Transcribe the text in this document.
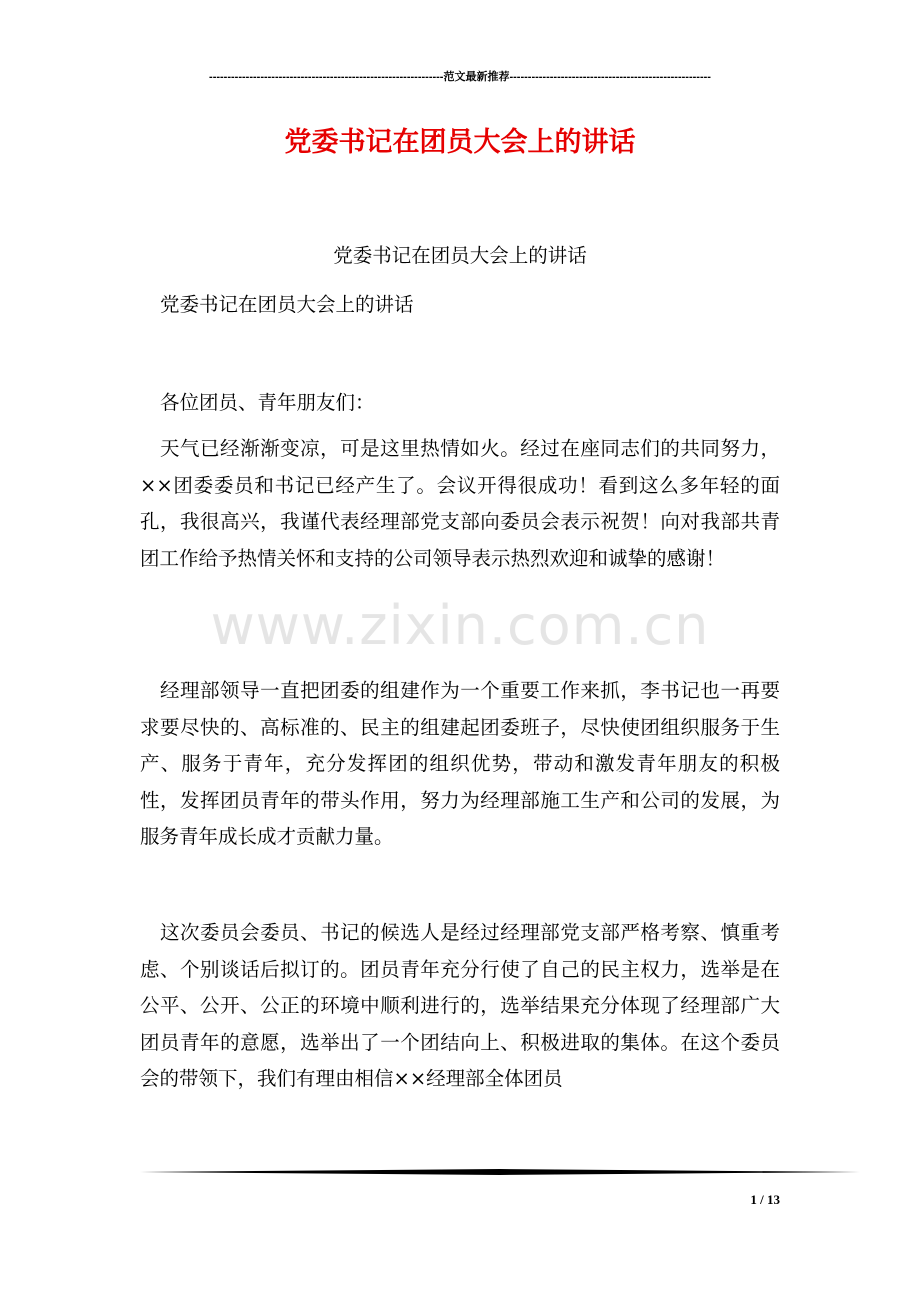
----------------------------------------------------------------范文最新推荐-------------------------------------------------------
党委书记在团员大会上的讲话
党委书记在团员大会上的讲话
党委书记在团员大会上的讲话
各位团员、青年朋友们：
天气已经渐渐变凉，可是这里热情如火。经过在座同志们的共同努力，××团委委员和书记已经产生了。会议开得很成功！看到这么多年轻的面孔，我很高兴，我谨代表经理部党支部向委员会表示祝贺！向对我部共青团工作给予热情关怀和支持的公司领导表示热烈欢迎和诚挚的感谢！
经理部领导一直把团委的组建作为一个重要工作来抓，李书记也一再要求要尽快的、高标准的、民主的组建起团委班子，尽快使团组织服务于生产、服务于青年，充分发挥团的组织优势，带动和激发青年朋友的积极性，发挥团员青年的带头作用，努力为经理部施工生产和公司的发展，为服务青年成长成才贡献力量。
这次委员会委员、书记的候选人是经过经理部党支部严格考察、慎重考虑、个别谈话后拟订的。团员青年充分行使了自己的民主权力，选举是在公平、公开、公正的环境中顺利进行的，选举结果充分体现了经理部广大团员青年的意愿，选举出了一个团结向上、积极进取的集体。在这个委员会的带领下，我们有理由相信××经理部全体团员
www.zixin.com.cn
1 / 13
